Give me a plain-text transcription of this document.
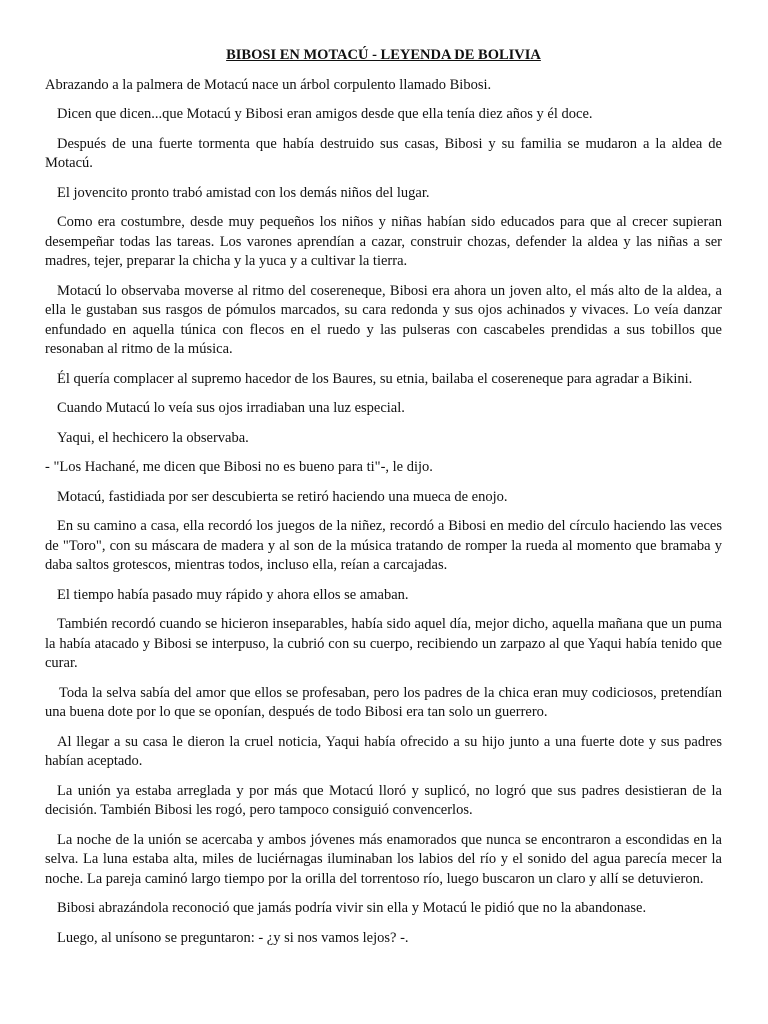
BIBOSI EN MOTACÚ - LEYENDA DE BOLIVIA

Abrazando a la palmera de Motacú nace un árbol corpulento llamado Bibosi.

Dicen que dicen...que Motacú y Bibosi eran amigos desde que ella tenía diez años y él doce.

Después de una fuerte tormenta que había destruido sus casas, Bibosi y su familia se mudaron a la aldea de Motacú.

El jovencito pronto trabó amistad con los demás niños del lugar.

Como era costumbre, desde muy pequeños los niños y niñas habían sido educados para que al crecer supieran desempeñar todas las tareas. Los varones aprendían a cazar, construir chozas, defender la aldea y las niñas a ser madres, tejer, preparar la chicha y la yuca y a cultivar la tierra.

Motacú lo observaba moverse al ritmo del cosereneque, Bibosi era ahora un joven alto, el más alto de la aldea, a ella le gustaban sus rasgos de pómulos marcados, su cara redonda y sus ojos achinados y vivaces. Lo veía danzar enfundado en aquella túnica con flecos en el ruedo y las pulseras con cascabeles prendidas a sus tobillos que resonaban al ritmo de la música.

Él quería complacer al supremo hacedor de los Baures, su etnia, bailaba el cosereneque para agradar a Bikini.

Cuando Mutacú lo veía sus ojos irradiaban una luz especial.

Yaqui, el hechicero la observaba.

- "Los Hachané, me dicen que Bibosi no es bueno para ti"-, le dijo.

Motacú, fastidiada por ser descubierta se retiró haciendo una mueca de enojo.

En su camino a casa, ella recordó los juegos de la niñez, recordó a Bibosi en medio del círculo haciendo las veces de "Toro", con su máscara de madera y al son de la música tratando de romper la rueda al momento que bramaba y daba saltos grotescos, mientras todos, incluso ella, reían a carcajadas.

El tiempo había pasado muy rápido y ahora ellos se amaban.

También recordó cuando se hicieron inseparables, había sido aquel día, mejor dicho, aquella mañana que un puma la había atacado y Bibosi se interpuso, la cubrió con su cuerpo, recibiendo un zarpazo al que Yaqui había tenido que curar.

Toda la selva sabía del amor que ellos se profesaban, pero los padres de la chica eran muy codiciosos, pretendían una buena dote por lo que se oponían, después de todo Bibosi era tan solo un guerrero.

Al llegar a su casa le dieron la cruel noticia, Yaqui había ofrecido a su hijo junto a una fuerte dote y sus padres habían aceptado.

La unión ya estaba arreglada y por más que Motacú lloró y suplicó, no logró que sus padres desistieran de la decisión. También Bibosi les rogó, pero tampoco consiguió convencerlos.

La noche de la unión se acercaba y ambos jóvenes más enamorados que nunca se encontraron a escondidas en la selva. La luna estaba alta, miles de luciérnagas iluminaban los labios del río y el sonido del agua parecía mecer la noche. La pareja caminó largo tiempo por la orilla del torrentoso río, luego buscaron un claro y allí se detuvieron.

Bibosi abrazándola reconoció que jamás podría vivir sin ella y Motacú le pidió que no la abandonase.

Luego, al unísono se preguntaron: - ¿y si nos vamos lejos? -.
